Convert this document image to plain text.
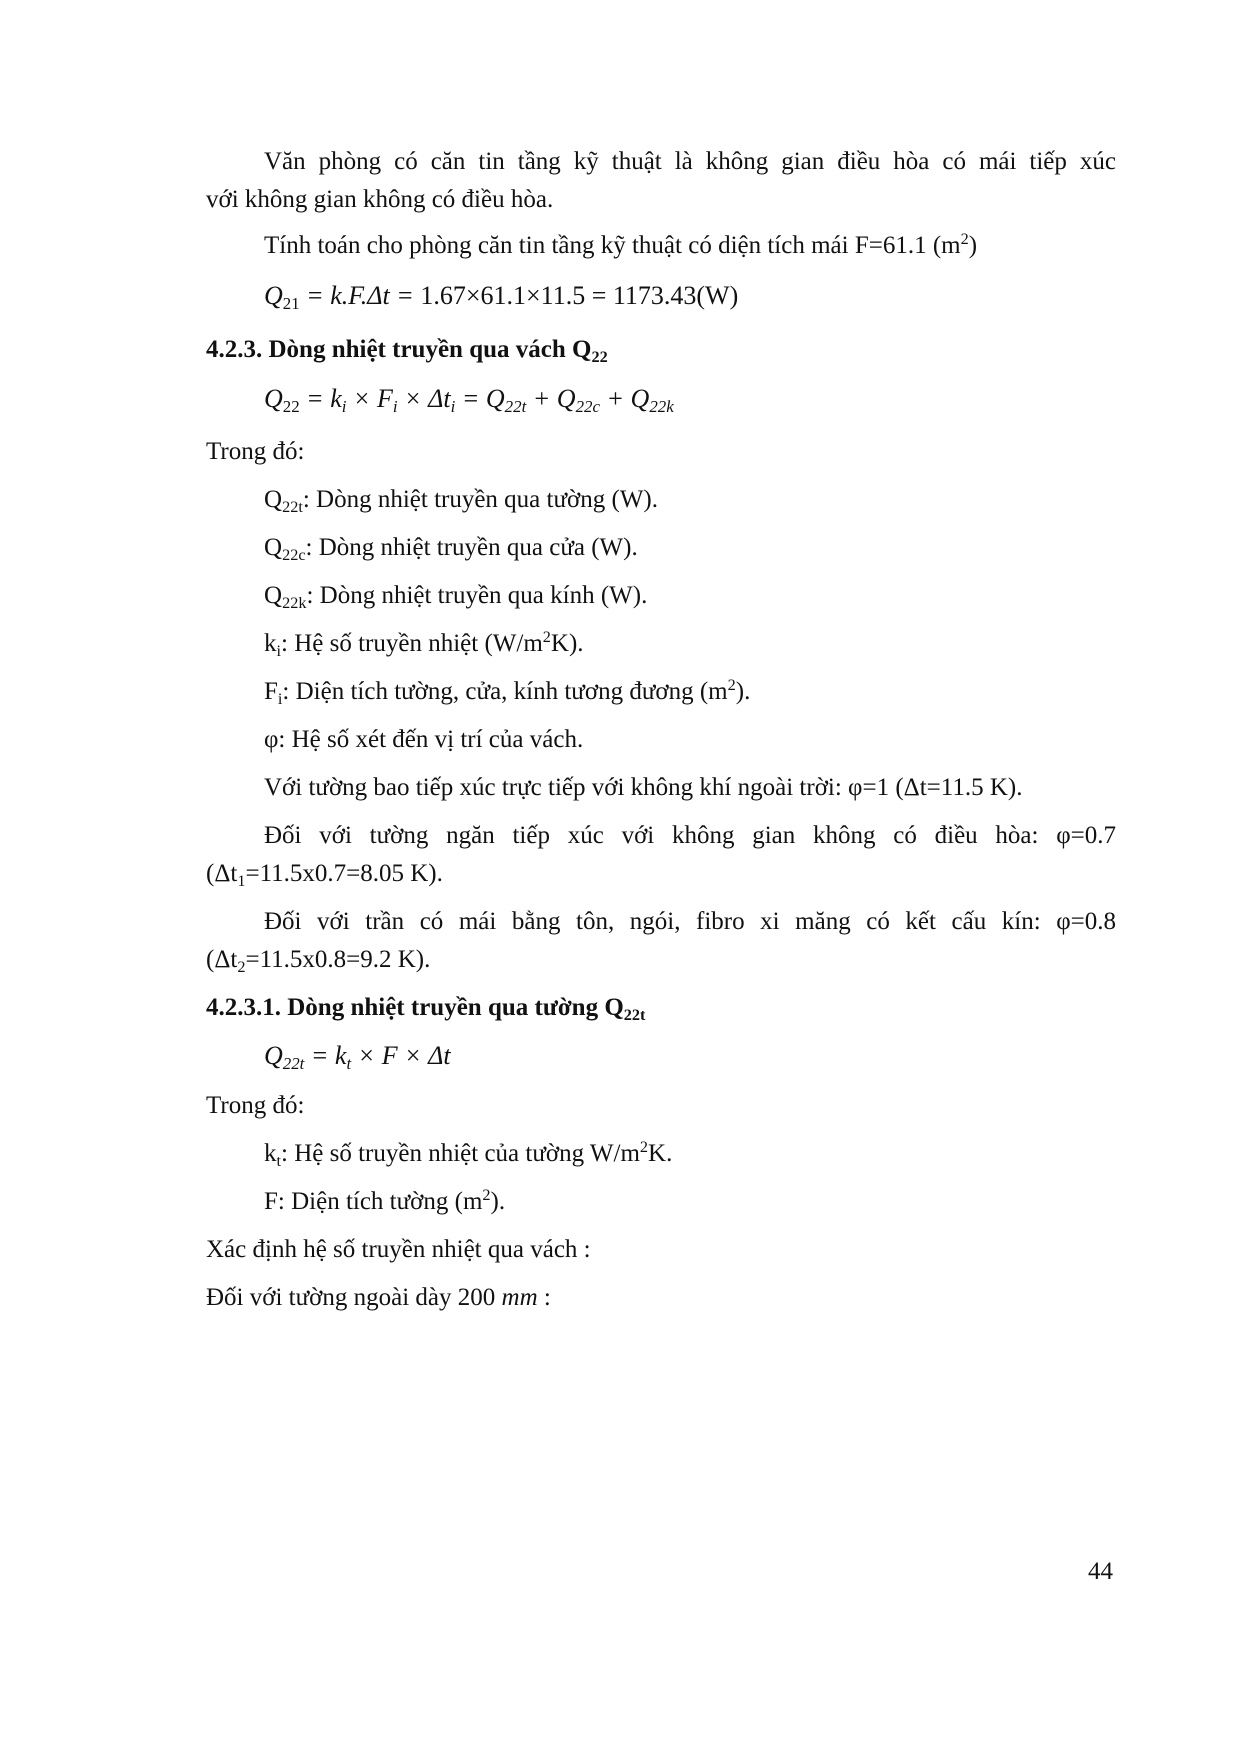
Văn phòng có căn tin tầng kỹ thuật là không gian điều hòa có mái tiếp xúc
với không gian không có điều hòa.
Tính toán cho phòng căn tin tầng kỹ thuật có diện tích mái F=61.1 $(m^2)$
$Q_{21} = k.F.\Delta t = 1.67\times 61.1\times 11.5 = 1173.43(W)$
4.2.3. Dòng nhiệt truyền qua vách $Q_{22}$
$Q_{22} = k_i \times F_i \times \Delta t_i = Q_{22t} + Q_{22c} + Q_{22k}$
Trong đó:
$Q_{22t}$: Dòng nhiệt truyền qua tường (W).
$Q_{22c}$: Dòng nhiệt truyền qua cửa (W).
$Q_{22k}$: Dòng nhiệt truyền qua kính (W).
$k_i$: Hệ số truyền nhiệt $(W/m^2K)$.
$F_i$: Diện tích tường, cửa, kính tương đương $(m^2)$.
φ: Hệ số xét đến vị trí của vách.
Với tường bao tiếp xúc trực tiếp với không khí ngoài trời: φ=1 (Δt=11.5 K).
Đối với tường ngăn tiếp xúc với không gian không có điều hòa: φ=0.7
($\Delta t_1=11.5x0.7=8.05$ K).
Đối với trần có mái bằng tôn, ngói, fibro xi măng có kết cấu kín: φ=0.8
($\Delta t_2=11.5x0.8=9.2$ K).
4.2.3.1. Dòng nhiệt truyền qua tường $Q_{22t}$
$Q_{22t} = k_t \times F \times \Delta t$
Trong đó:
$k_t$: Hệ số truyền nhiệt của tường $W/m^2K$.
F: Diện tích tường $(m^2)$.
Xác định hệ số truyền nhiệt qua vách :
Đối với tường ngoài dày 200 mm :
44
